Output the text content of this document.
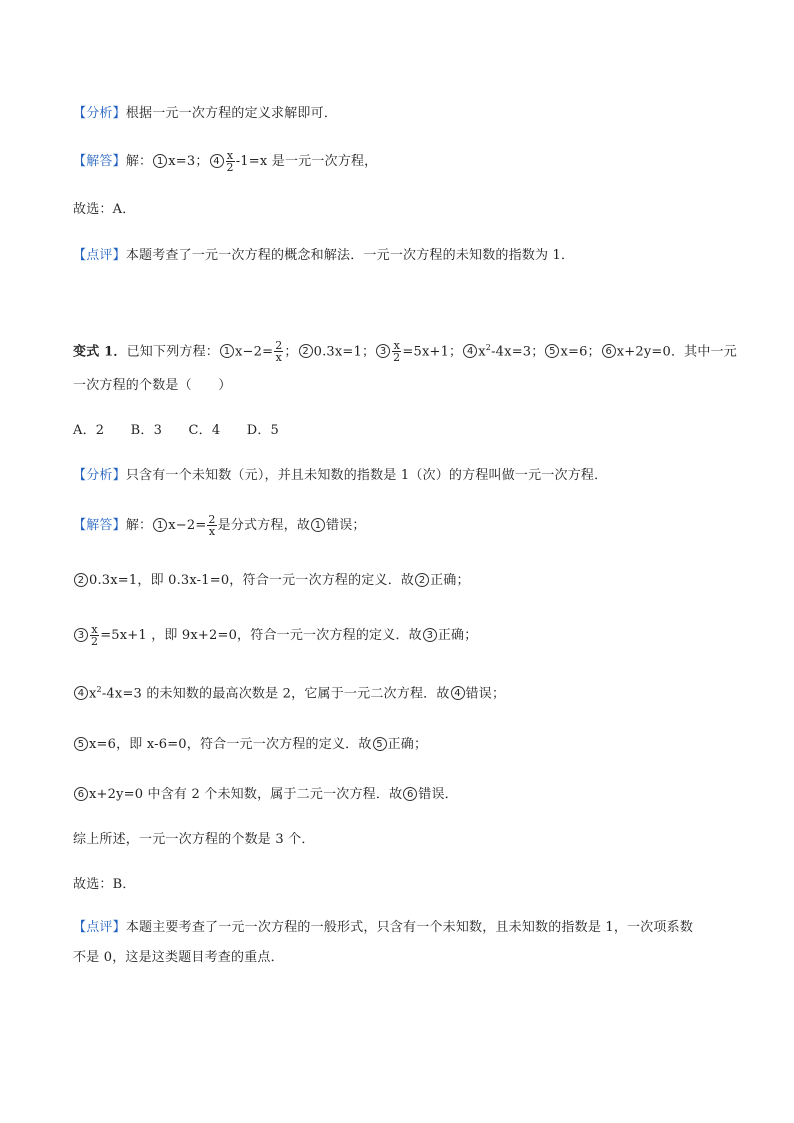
【分析】根据一元一次方程的定义求解即可．
【解答】解： 1 x=3； $4 \frac{x}{2} -1=x$ 是一元一次方程，
故选：A．
【点评】本题考查了一元一次方程的概念和解法．一元一次方程的未知数的指数为 1．
变式 1．已知下列方程： 1 $x-2= \frac{2}{x}$ ； 2 0.3x=1； $3 \frac{x}{2} =5x+1$； 4 $x^2-4x=3$； 5 x=6； 6 x+2y=0．其中一元
一次方程的个数是（　　）
A．2　　B．3　　C．4　　D．5
【分析】只含有一个未知数（元），并且未知数的指数是 1（次）的方程叫做一元一次方程．
【解答】解： 1 $x-2= \frac{2}{x}$ 是分式方程，故 1 错误；
2 0.3x=1，即 0.3x-1=0，符合一元一次方程的定义．故 2 正确；
$3 \frac{x}{2} =5x+1$ ，即 9x+2=0，符合一元一次方程的定义．故 3 正确；
4 $x^2-4x=3$ 的未知数的最高次数是 2，它属于一元二次方程．故 4 错误；
5 x=6，即 x-6=0，符合一元一次方程的定义．故 5 正确；
6 x+2y=0 中含有 2 个未知数，属于二元一次方程．故 6 错误．
综上所述，一元一次方程的个数是 3 个．
故选：B．
【点评】本题主要考查了一元一次方程的一般形式，只含有一个未知数，且未知数的指数是 1，一次项系数
不是 0，这是这类题目考查的重点．
